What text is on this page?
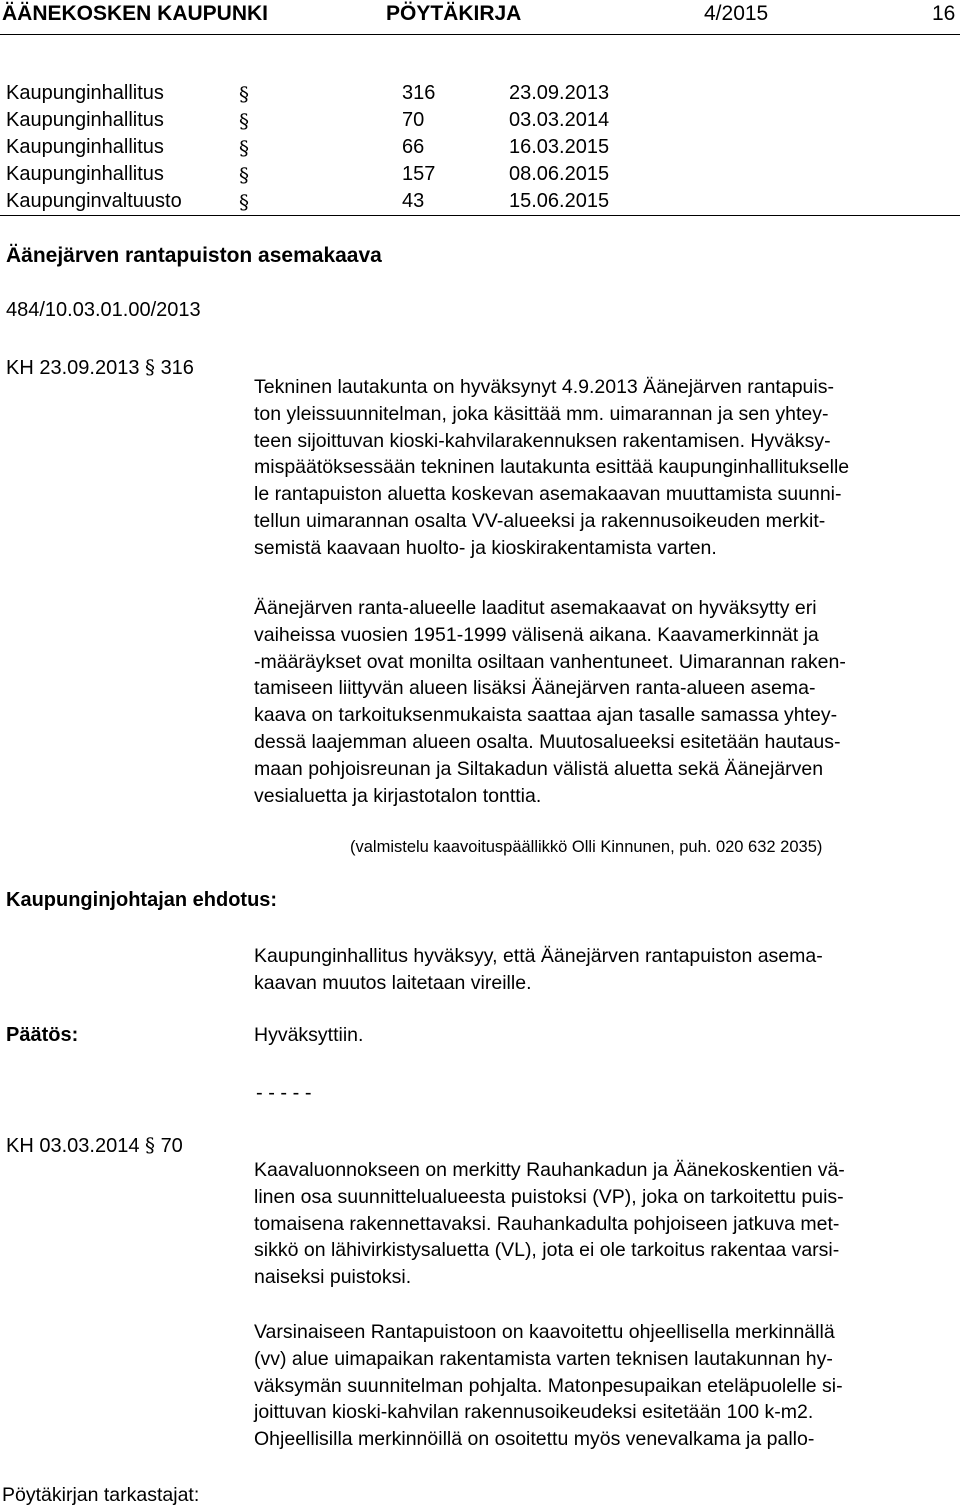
ÄÄNEKOSKEN KAUPUNKI	PÖYTÄKIRJA	4/2015	16
Kaupunginhallitus	§	316	23.09.2013
Kaupunginhallitus	§	70	03.03.2014
Kaupunginhallitus	§	66	16.03.2015
Kaupunginhallitus	§	157	08.06.2015
Kaupunginvaltuusto	§	43	15.06.2015
Äänejärven rantapuiston asemakaava
484/10.03.01.00/2013
KH 23.09.2013 § 316
Tekninen lautakunta on hyväksynyt 4.9.2013 Äänejärven rantapuis-
ton yleissuunnitelman, joka käsittää mm. uimarannan ja sen yhtey-
teen sijoittuvan kioski-kahvilarakennuksen rakentamisen. Hyväksy-
mispäätöksessään tekninen lautakunta esittää kaupunginhallitukselle
le rantapuiston aluetta koskevan asemakaavan muuttamista suunni-
tellun uimarannan osalta VV-alueeksi ja rakennusoikeuden merkit-
semistä kaavaan huolto- ja kioskirakentamista varten.
Äänejärven ranta-alueelle laaditut asemakaavat on hyväksytty eri
vaiheissa vuosien 1951-1999 välisenä aikana. Kaavamerkinnät ja
-määräykset ovat monilta osiltaan vanhentuneet. Uimarannan raken-
tamiseen liittyvän alueen lisäksi Äänejärven ranta-alueen asema-
kaava on tarkoituksenmukaista saattaa ajan tasalle samassa yhtey-
dessä laajemman alueen osalta. Muutosalueeksi esitetään hautaus-
maan pohjoisreunan ja Siltakadun välistä aluetta sekä Äänejärven
vesialuetta ja kirjastotalon tonttia.
(valmistelu kaavoituspäällikkö Olli Kinnunen, puh. 020 632 2035)
Kaupunginjohtajan ehdotus:
Kaupunginhallitus hyväksyy, että Äänejärven rantapuiston asema-
kaavan muutos laitetaan vireille.
Päätös:	Hyväksyttiin.
- - - - -
KH 03.03.2014 § 70
Kaavaluonnokseen on merkitty Rauhankadun ja Äänekoskentien vä-
linen osa suunnittelualueesta puistoksi (VP), joka on tarkoitettu puis-
tomaisena rakennettavaksi. Rauhankadulta pohjoiseen jatkuva met-
sikkö on lähivirkistysaluetta (VL), jota ei ole tarkoitus rakentaa varsi-
naiseksi puistoksi.
Varsinaiseen Rantapuistoon on kaavoitettu ohjeellisella merkinnällä
(vv) alue uimapaikan rakentamista varten teknisen lautakunnan hy-
väksymän suunnitelman pohjalta. Matonpesupaikan eteläpuolelle si-
joittuvan kioski-kahvilan rakennusoikeudeksi esitetään 100 k-m2.
Ohjeellisilla merkinnöillä on osoitettu myös venevalkama ja pallo-
Pöytäkirjan tarkastajat:
